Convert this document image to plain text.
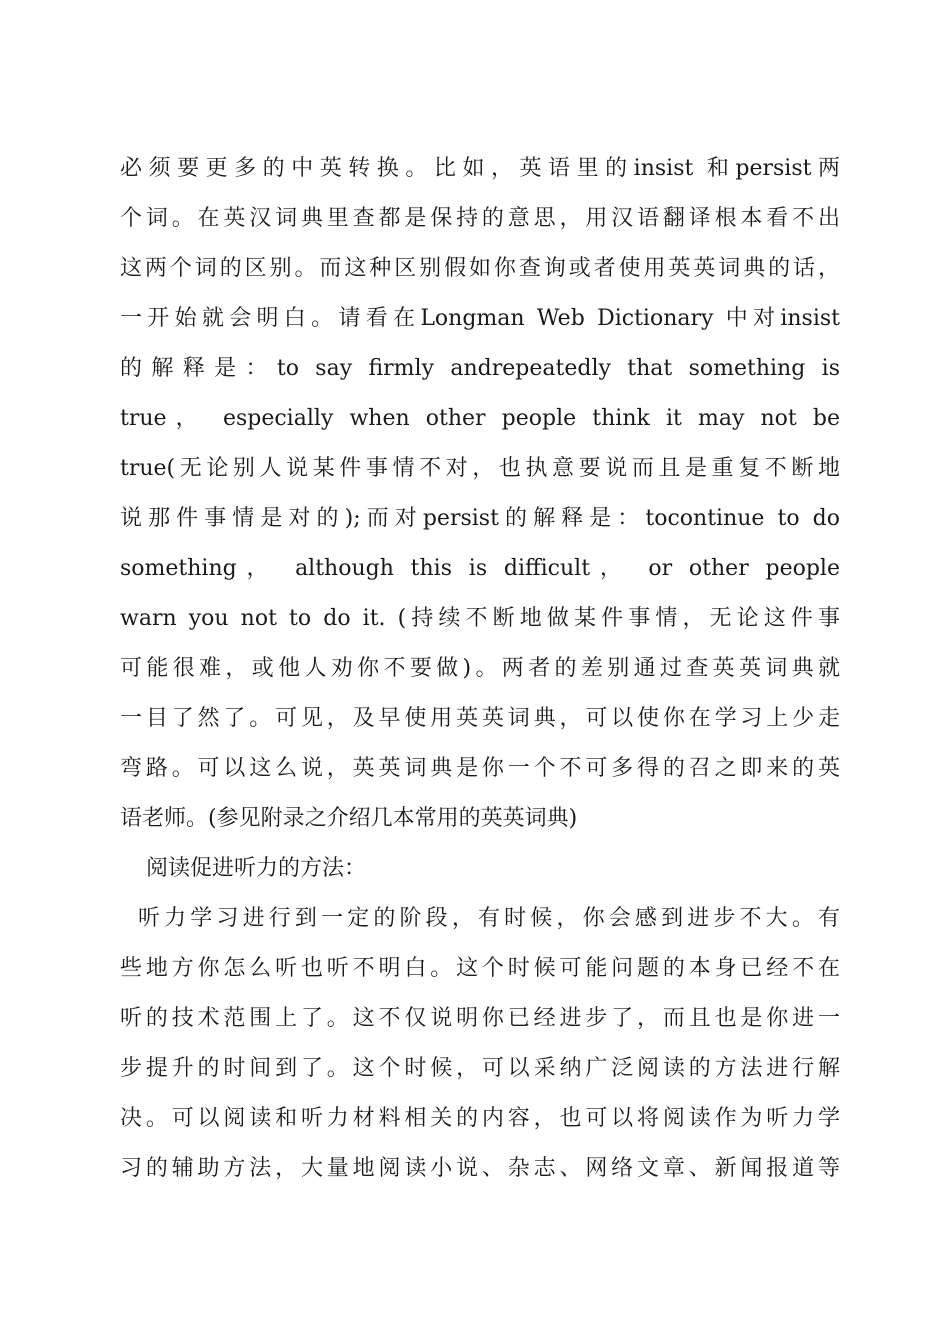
必须要更多的中英转换。比如，英语里的insist 和persist两
个词。在英汉词典里查都是保持的意思，用汉语翻译根本看不出
这两个词的区别。而这种区别假如你查询或者使用英英词典的话，
一开始就会明白。请看在Longman Web Dictionary 中对insist
的解释是：to say firmly andrepeatedly that something is
true， especially when other people think it may not be
true(无论别人说某件事情不对，也执意要说而且是重复不断地
说那件事情是对的);而对persist的解释是：tocontinue to do
something， although this is difficult， or other people
warn you not to do it. (持续不断地做某件事情，无论这件事
可能很难，或他人劝你不要做)。两者的差别通过查英英词典就
一目了然了。可见，及早使用英英词典，可以使你在学习上少走
弯路。可以这么说，英英词典是你一个不可多得的召之即来的英
语老师。(参见附录之介绍几本常用的英英词典)
阅读促进听力的方法：
听力学习进行到一定的阶段，有时候，你会感到进步不大。有
些地方你怎么听也听不明白。这个时候可能问题的本身已经不在
听的技术范围上了。这不仅说明你已经进步了，而且也是你进一
步提升的时间到了。这个时候，可以采纳广泛阅读的方法进行解
决。可以阅读和听力材料相关的内容，也可以将阅读作为听力学
习的辅助方法，大量地阅读小说、杂志、网络文章、新闻报道等
